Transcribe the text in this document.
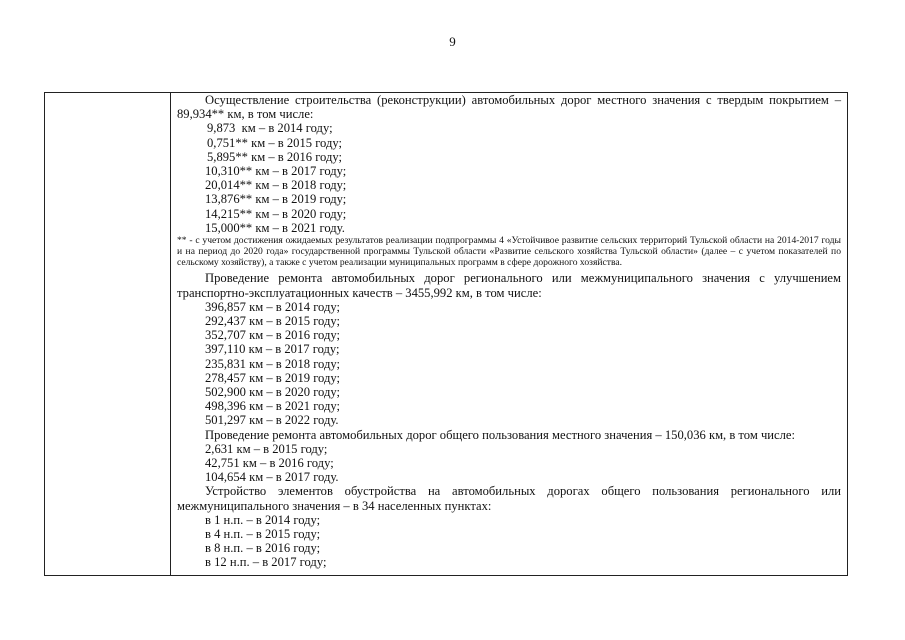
9

Осуществление строительства (реконструкции) автомобильных дорог местного значения с твердым покрытием – 89,934** км, в том числе:

9,873  км – в 2014 году;
0,751** км – в 2015 году;
5,895** км – в 2016 году;
10,310** км – в 2017 году;
20,014** км – в 2018 году;
13,876** км – в 2019 году;
14,215** км – в 2020 году;
15,000** км – в 2021 году.

** - с учетом достижения ожидаемых результатов реализации подпрограммы 4 «Устойчивое развитие сельских территорий Тульской области на 2014-2017 годы и на период до 2020 года» государственной программы Тульской области «Развитие сельского хозяйства Тульской области» (далее – с учетом показателей по сельскому хозяйству), а также с учетом реализации муниципальных программ в сфере дорожного хозяйства.

Проведение ремонта автомобильных дорог регионального или межмуниципального значения с улучшением транспортно-эксплуатационных качеств – 3455,992 км, в том числе:

396,857 км – в 2014 году;
292,437 км – в 2015 году;
352,707 км – в 2016 году;
397,110 км – в 2017 году;
235,831 км – в 2018 году;
278,457 км – в 2019 году;
502,900 км – в 2020 году;
498,396 км – в 2021 году;
501,297 км – в 2022 году.

Проведение ремонта автомобильных дорог общего пользования местного значения – 150,036 км, в том числе:

2,631 км – в 2015 году;
42,751 км – в 2016 году;
104,654 км – в 2017 году.

Устройство элементов обустройства на автомобильных дорогах общего пользования регионального или межмуниципального значения – в 34 населенных пунктах:

в 1 н.п. – в 2014 году;
в 4 н.п. – в 2015 году;
в 8 н.п. – в 2016 году;
в 12 н.п. – в 2017 году;
